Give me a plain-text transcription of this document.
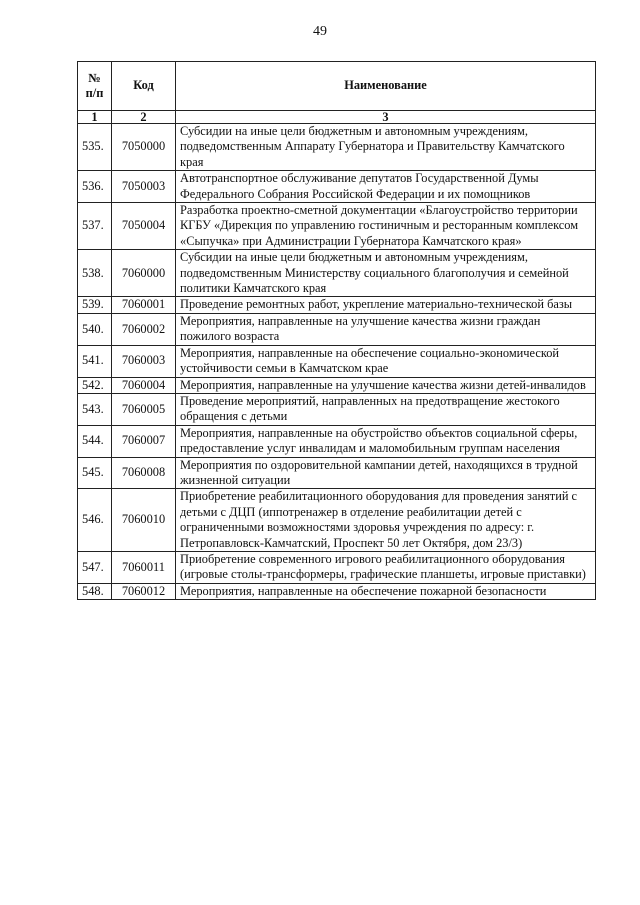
49
№ п/п	Код	Наименование
1	2	3
535.	7050000	Субсидии на иные цели бюджетным и автономным учреждениям, подведомственным Аппарату Губернатора и Правительству Камчатского края
536.	7050003	Автотранспортное обслуживание депутатов Государственной Думы Федерального Собрания Российской Федерации и их помощников
537.	7050004	Разработка проектно-сметной документации «Благоустройство территории КГБУ «Дирекция по управлению гостиничным и ресторанным комплексом «Сыпучка» при Администрации Губернатора Камчатского края»
538.	7060000	Субсидии на иные цели бюджетным и автономным учреждениям, подведомственным Министерству социального благополучия и семейной политики Камчатского края
539.	7060001	Проведение ремонтных работ, укрепление материально-технической базы
540.	7060002	Мероприятия, направленные на улучшение качества жизни граждан пожилого возраста
541.	7060003	Мероприятия, направленные на обеспечение социально-экономической устойчивости семьи в Камчатском крае
542.	7060004	Мероприятия, направленные на улучшение качества жизни детей-инвалидов
543.	7060005	Проведение мероприятий, направленных на предотвращение жестокого обращения с детьми
544.	7060007	Мероприятия, направленные на обустройство объектов социальной сферы, предоставление услуг инвалидам и маломобильным группам населения
545.	7060008	Мероприятия по оздоровительной кампании детей, находящихся в трудной жизненной ситуации
546.	7060010	Приобретение реабилитационного оборудования для проведения занятий с детьми с ДЦП (иппотренажер в отделение реабилитации детей с ограниченными возможностями здоровья учреждения по адресу: г. Петропавловск-Камчатский, Проспект 50 лет Октября, дом 23/3)
547.	7060011	Приобретение современного игрового реабилитационного оборудования (игровые столы-трансформеры, графические планшеты, игровые приставки)
548.	7060012	Мероприятия, направленные на обеспечение пожарной безопасности
